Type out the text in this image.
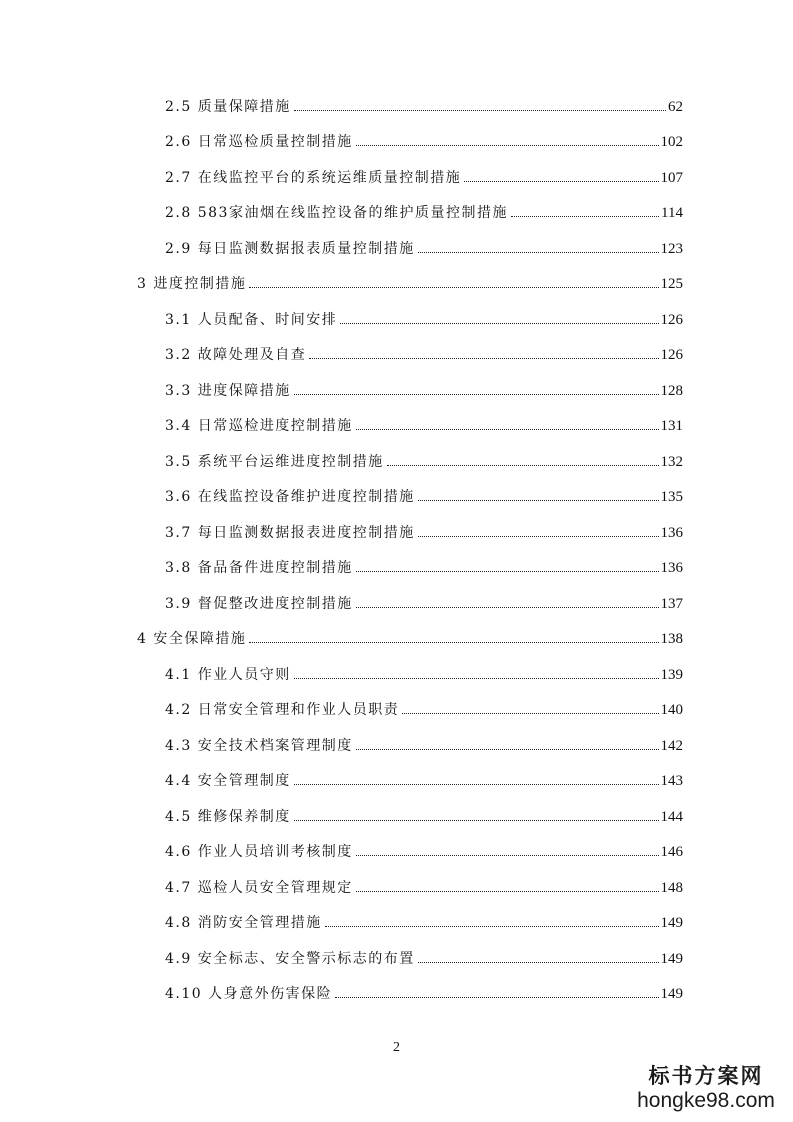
2.5 质量保障措施	62
2.6 日常巡检质量控制措施	102
2.7 在线监控平台的系统运维质量控制措施	107
2.8 583家油烟在线监控设备的维护质量控制措施	114
2.9 每日监测数据报表质量控制措施	123
3 进度控制措施	125
3.1 人员配备、时间安排	126
3.2 故障处理及自查	126
3.3 进度保障措施	128
3.4 日常巡检进度控制措施	131
3.5 系统平台运维进度控制措施	132
3.6 在线监控设备维护进度控制措施	135
3.7 每日监测数据报表进度控制措施	136
3.8 备品备件进度控制措施	136
3.9 督促整改进度控制措施	137
4 安全保障措施	138
4.1 作业人员守则	139
4.2 日常安全管理和作业人员职责	140
4.3 安全技术档案管理制度	142
4.4 安全管理制度	143
4.5 维修保养制度	144
4.6 作业人员培训考核制度	146
4.7 巡检人员安全管理规定	148
4.8 消防安全管理措施	149
4.9 安全标志、安全警示标志的布置	149
4.10 人身意外伤害保险	149
2
标书方案网
hongke98.com
